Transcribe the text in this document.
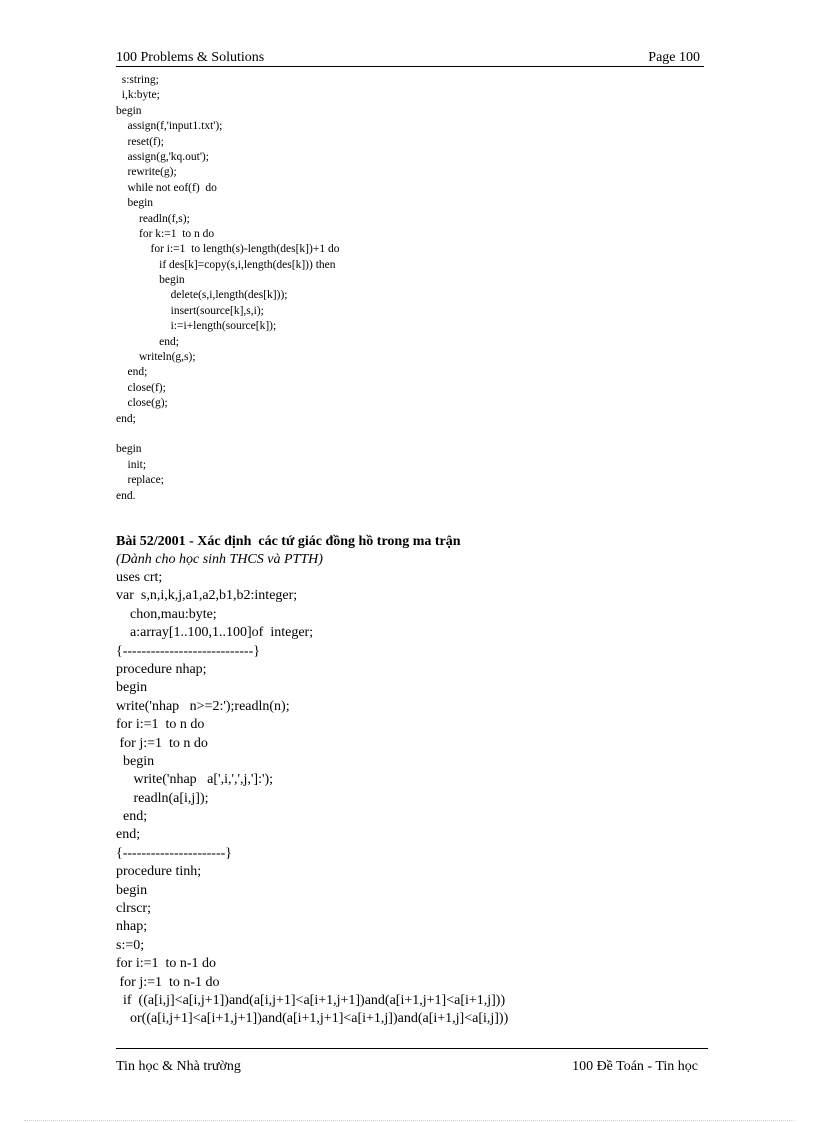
100 Problems & Solutions	Page 100
s:string;
i,k:byte;
begin
assign(f,'input1.txt');
reset(f);
assign(g,'kq.out');
rewrite(g);
while not eof(f)  do
begin
readln(f,s);
for k:=1  to n do
for i:=1  to length(s)-length(des[k])+1 do
if des[k]=copy(s,i,length(des[k])) then
begin
delete(s,i,length(des[k]));
insert(source[k],s,i);
i:=i+length(source[k]);
end;
writeln(g,s);
end;
close(f);
close(g);
end;
begin
init;
replace;
end.
Bài 52/2001 - Xác định  các tứ giác đồng hồ trong ma trận
(Dành cho học sinh THCS và PTTH)
uses crt;
var  s,n,i,k,j,a1,a2,b1,b2:integer;
chon,mau:byte;
a:array[1..100,1..100]of  integer;
{----------------------------}
procedure nhap;
begin
write('nhap   n>=2:');readln(n);
for i:=1  to n do
for j:=1  to n do
begin
write('nhap   a[',i,',',j,']:');
readln(a[i,j]);
end;
end;
{----------------------}
procedure tinh;
begin
clrscr;
nhap;
s:=0;
for i:=1  to n-1 do
for j:=1  to n-1 do
if  ((a[i,j]<a[i,j+1])and(a[i,j+1]<a[i+1,j+1])and(a[i+1,j+1]<a[i+1,j]))
or((a[i,j+1]<a[i+1,j+1])and(a[i+1,j+1]<a[i+1,j])and(a[i+1,j]<a[i,j]))
Tin học & Nhà trường	100 Đề Toán - Tin học
